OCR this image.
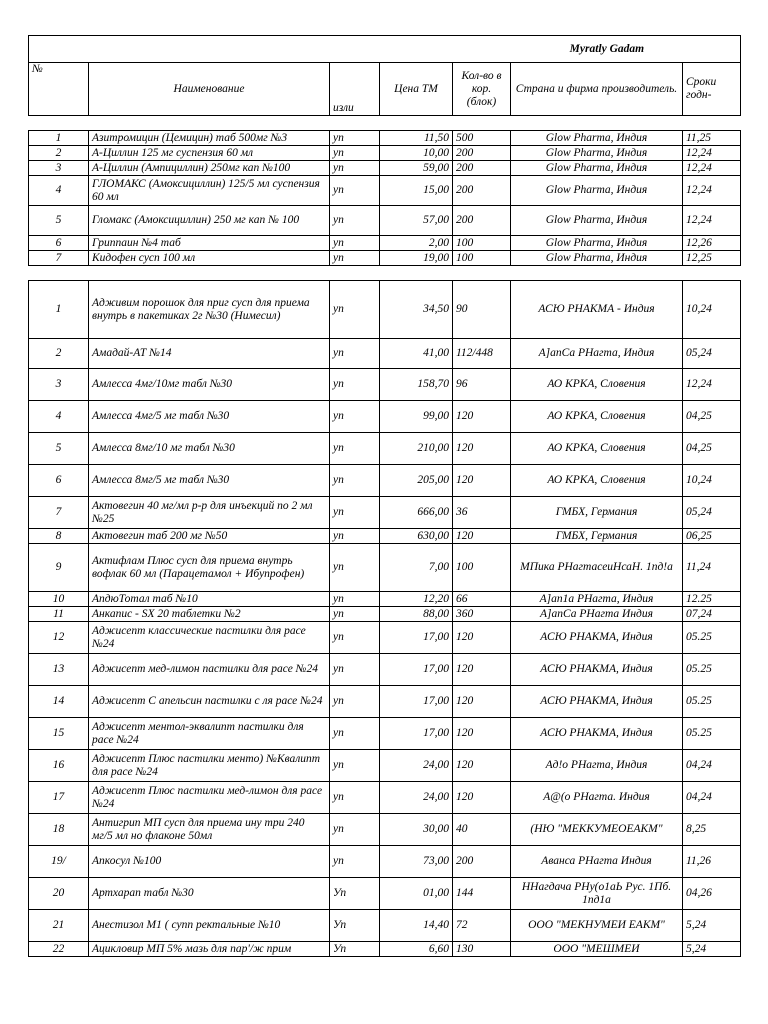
Myratly Gadam						
№	Наименование	изли	Цена ТМ	Кол-во в кор. (блок)	Страна и фирма производитель.	Сроки годн-

1	Азитромицин (Цемицин) таб 500мг №3	уп	11,50	500	Glow Pharma, Индия	11,25
2	А-Циллин 125 мг суспензия 60 мл	уп	10,00	200	Glow Pharma, Индия	12,24
3	А-Циллин (Ампициллин) 250мг кап №100	уп	59,00	200	Glow Pharma, Индия	12,24
4	ГЛОМАКС (Амоксициллин) 125/5 мл суспензия 60 мл	уп	15,00	200	Glow Pharma, Индия	12,24
5	Гломакс (Амоксициллин) 250 мг кап № 100	уп	57,00	200	Glow Pharma, Индия	12,24
6	Гриппаин №4 таб	уп	2,00	100	Glow Pharma, Индия	12,26
7	Кидофен сусп 100 мл	уп	19,00	100	Glow Pharma, Индия	12,25

1	Адживим порошок для приг сусп для приема внутрь в пакетиках 2г №30 (Нимесил)	уп	34,50	90	АСЮ РНАКМА - Индия	10,24
2	Амадай-АТ №14	уп	41,00	112/448	А]апСа РНагта, Индия	05,24
3	Амлесса 4мг/10мг табл №30	уп	158,70	96	АО КРКА, Словения	12,24
4	Амлесса 4мг/5 мг табл №30	уп	99,00	120	АО КРКА, Словения	04,25
5	Амлесса 8мг/10 мг табл №30	уп	210,00	120	АО КРКА, Словения	04,25
6	Амлесса 8мг/5 мг табл №30	уп	205,00	120	АО КРКА, Словения	10,24
7	Актовегин 40 мг/мл р-р для инъекций по 2 мл №25	уп	666,00	36	ГМБХ, Германия	05,24
8	Актовегин таб 200 мг №50	уп	630,00	120	ГМБХ, Германия	06,25
9	Актифлам Плюс сусп для приема внутрь вофлак 60 мл (Парацетамол + Ибупрофен)	уп	7,00	100	МПика РНагтасеиНсаН. 1пд!а	11,24
10	АпдюТотал таб №10	уп	12,20	66	А]ап1а РНагта, Индия	12.25
11	Анкапис - SX 20 таблетки №2	уп	88,00	360	А]апСа РНагта Индия	07,24
12	Аджисепт классические пастилки для расе №24	уп	17,00	120	АСЮ РНАКМА, Индия	05.25
13	Аджисепт мед-лимон пастилки для расе №24	уп	17,00	120	АСЮ РНАКМА, Индия	05.25
14	Аджисепт С апельсин пастилки с ля расе №24	уп	17,00	120	АСЮ РНАКМА, Индия	05.25
15	Аджисепт ментол-эквалипт пастилки для расе №24	уп	17,00	120	АСЮ РНАКМА, Индия	05.25
16	Аджисепт Плюс пастилки менто) №Квалипт для расе №24	уп	24,00	120	Ад!о РНагта, Индия	04,24
17	Аджисепт Плюс пастилки мед-лимон для расе №24	уп	24,00	120	А@(о РНагта. Индия	04,24
18	Антигрип МП сусп для приема ину три 240 мг/5 мл но флаконе 50мл	уп	30,00	40	(НЮ "МЕККУМЕОЕАКМ"	8,25
19/	Апкосул №100	уп	73,00	200	Аванса РНагта Индия	11,26
20	Артхарап табл №30	Уп	01,00	144	ННагдача РНу(о1аЬ Рус. 1Пб. 1пд1а	04,26
21	Анестизол М1 ( супп ректальные №10	Уп	14,40	72	ООО "МЕКНУМЕИ ЕАКМ"	5,24
22	Ацикловир МП 5% мазь для пар'/ж прим	Уп	6,60	130	ООО "МЕШМЕИ	5,24
